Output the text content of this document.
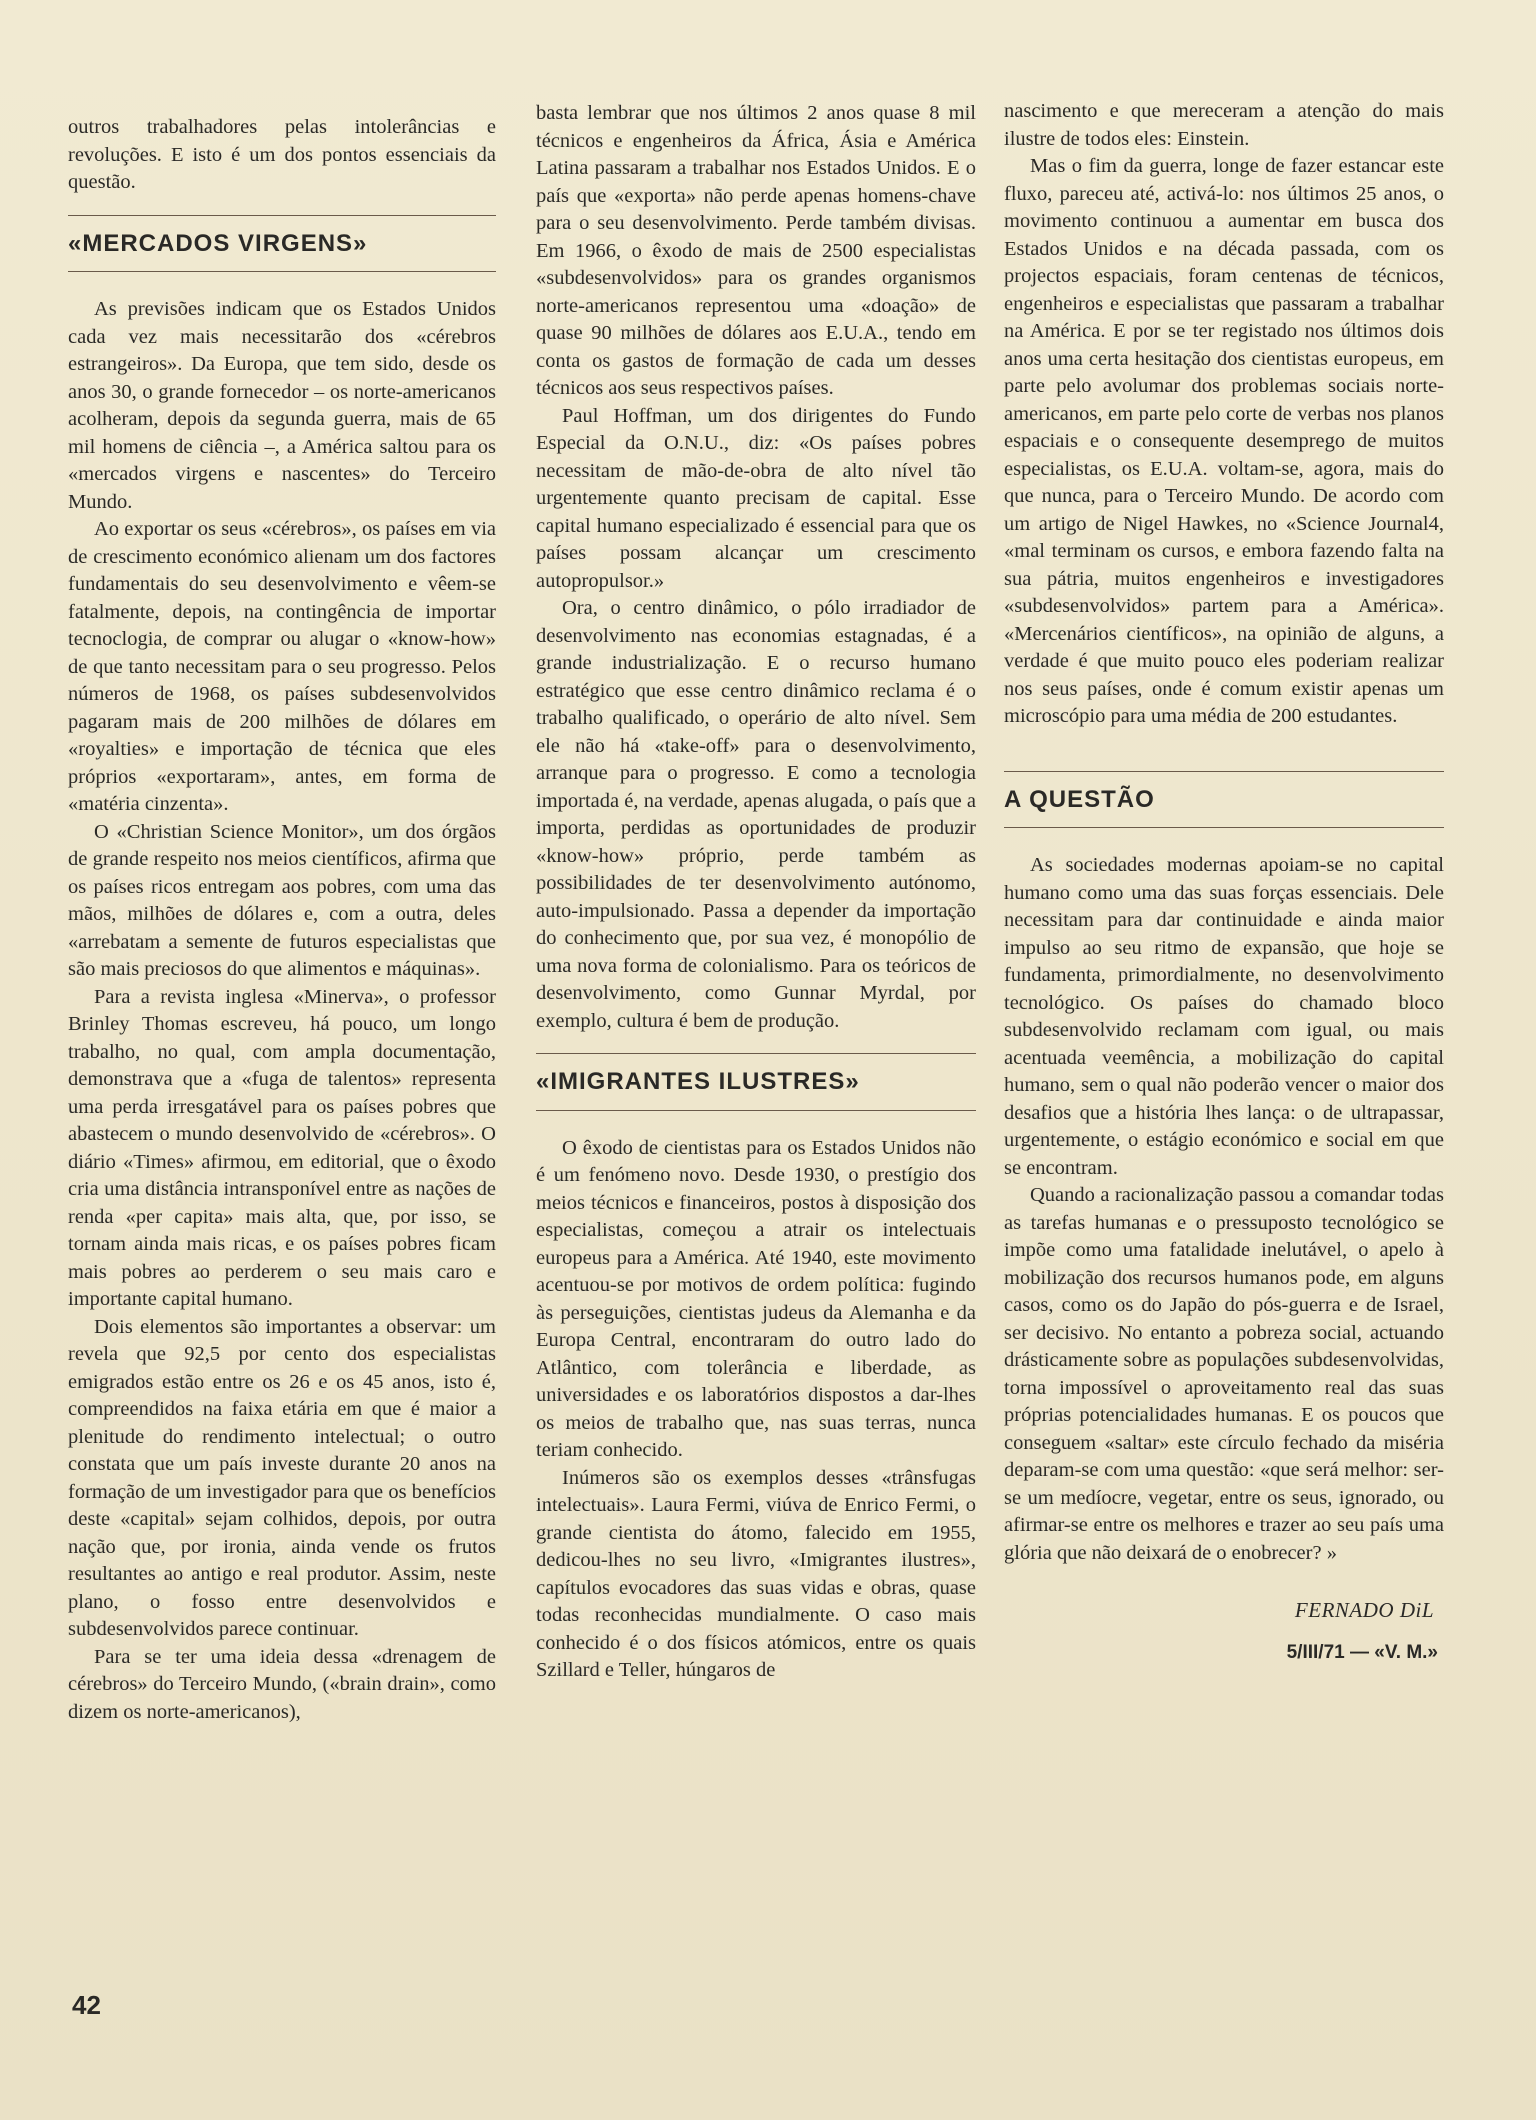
outros trabalhadores pelas intolerâncias e revoluções. E isto é um dos pontos essenciais da questão.

«MERCADOS VIRGENS»

As previsões indicam que os Estados Unidos cada vez mais necessitarão dos «cérebros estrangeiros». Da Europa, que tem sido, desde os anos 30, o grande fornecedor – os norte-americanos acolheram, depois da segunda guerra, mais de 65 mil homens de ciência –, a América saltou para os «mercados virgens e nascentes» do Terceiro Mundo.

Ao exportar os seus «cérebros», os países em via de crescimento económico alienam um dos factores fundamentais do seu desenvolvimento e vêem-se fatalmente, depois, na contingência de importar tecnoclogia, de comprar ou alugar o «know-how» de que tanto necessitam para o seu progresso. Pelos números de 1968, os países subdesenvolvidos pagaram mais de 200 milhões de dólares em «royalties» e importação de técnica que eles próprios «exportaram», antes, em forma de «matéria cinzenta».

O «Christian Science Monitor», um dos órgãos de grande respeito nos meios científicos, afirma que os países ricos entregam aos pobres, com uma das mãos, milhões de dólares e, com a outra, deles «arrebatam a semente de futuros especialistas que são mais preciosos do que alimentos e máquinas».

Para a revista inglesa «Minerva», o professor Brinley Thomas escreveu, há pouco, um longo trabalho, no qual, com ampla documentação, demonstrava que a «fuga de talentos» representa uma perda irresgatável para os países pobres que abastecem o mundo desenvolvido de «cérebros». O diário «Times» afirmou, em editorial, que o êxodo cria uma distância intransponível entre as nações de renda «per capita» mais alta, que, por isso, se tornam ainda mais ricas, e os países pobres ficam mais pobres ao perderem o seu mais caro e importante capital humano.

Dois elementos são importantes a observar: um revela que 92,5 por cento dos especialistas emigrados estão entre os 26 e os 45 anos, isto é, compreendidos na faixa etária em que é maior a plenitude do rendimento intelectual; o outro constata que um país investe durante 20 anos na formação de um investigador para que os benefícios deste «capital» sejam colhidos, depois, por outra nação que, por ironia, ainda vende os frutos resultantes ao antigo e real produtor. Assim, neste plano, o fosso entre desenvolvidos e subdesenvolvidos parece continuar.

Para se ter uma ideia dessa «drenagem de cérebros» do Terceiro Mundo, («brain drain», como dizem os norte-americanos),

basta lembrar que nos últimos 2 anos quase 8 mil técnicos e engenheiros da África, Ásia e América Latina passaram a trabalhar nos Estados Unidos. E o país que «exporta» não perde apenas homens-chave para o seu desenvolvimento. Perde também divisas. Em 1966, o êxodo de mais de 2500 especialistas «subdesenvolvidos» para os grandes organismos norte-americanos representou uma «doação» de quase 90 milhões de dólares aos E.U.A., tendo em conta os gastos de formação de cada um desses técnicos aos seus respectivos países.

Paul Hoffman, um dos dirigentes do Fundo Especial da O.N.U., diz: «Os países pobres necessitam de mão-de-obra de alto nível tão urgentemente quanto precisam de capital. Esse capital humano especializado é essencial para que os países possam alcançar um crescimento autopropulsor.»

Ora, o centro dinâmico, o pólo irradiador de desenvolvimento nas economias estagnadas, é a grande industrialização. E o recurso humano estratégico que esse centro dinâmico reclama é o trabalho qualificado, o operário de alto nível. Sem ele não há «take-off» para o desenvolvimento, arranque para o progresso. E como a tecnologia importada é, na verdade, apenas alugada, o país que a importa, perdidas as oportunidades de produzir «know-how» próprio, perde também as possibilidades de ter desenvolvimento autónomo, auto-impulsionado. Passa a depender da importação do conhecimento que, por sua vez, é monopólio de uma nova forma de colonialismo. Para os teóricos de desenvolvimento, como Gunnar Myrdal, por exemplo, cultura é bem de produção.

«IMIGRANTES ILUSTRES»

O êxodo de cientistas para os Estados Unidos não é um fenómeno novo. Desde 1930, o prestígio dos meios técnicos e financeiros, postos à disposição dos especialistas, começou a atrair os intelectuais europeus para a América. Até 1940, este movimento acentuou-se por motivos de ordem política: fugindo às perseguições, cientistas judeus da Alemanha e da Europa Central, encontraram do outro lado do Atlântico, com tolerância e liberdade, as universidades e os laboratórios dispostos a dar-lhes os meios de trabalho que, nas suas terras, nunca teriam conhecido.

Inúmeros são os exemplos desses «trânsfugas intelectuais». Laura Fermi, viúva de Enrico Fermi, o grande cientista do átomo, falecido em 1955, dedicou-lhes no seu livro, «Imigrantes ilustres», capítulos evocadores das suas vidas e obras, quase todas reconhecidas mundialmente. O caso mais conhecido é o dos físicos atómicos, entre os quais Szillard e Teller, húngaros de

nascimento e que mereceram a atenção do mais ilustre de todos eles: Einstein.

Mas o fim da guerra, longe de fazer estancar este fluxo, pareceu até, activá-lo: nos últimos 25 anos, o movimento continuou a aumentar em busca dos Estados Unidos e na década passada, com os projectos espaciais, foram centenas de técnicos, engenheiros e especialistas que passaram a trabalhar na América. E por se ter registado nos últimos dois anos uma certa hesitação dos cientistas europeus, em parte pelo avolumar dos problemas sociais norte-americanos, em parte pelo corte de verbas nos planos espaciais e o consequente desemprego de muitos especialistas, os E.U.A. voltam-se, agora, mais do que nunca, para o Terceiro Mundo. De acordo com um artigo de Nigel Hawkes, no «Science Journal4, «mal terminam os cursos, e embora fazendo falta na sua pátria, muitos engenheiros e investigadores «subdesenvolvidos» partem para a América». «Mercenários científicos», na opinião de alguns, a verdade é que muito pouco eles poderiam realizar nos seus países, onde é comum existir apenas um microscópio para uma média de 200 estudantes.

A QUESTÃO

As sociedades modernas apoiam-se no capital humano como uma das suas forças essenciais. Dele necessitam para dar continuidade e ainda maior impulso ao seu ritmo de expansão, que hoje se fundamenta, primordialmente, no desenvolvimento tecnológico. Os países do chamado bloco subdesenvolvido reclamam com igual, ou mais acentuada veemência, a mobilização do capital humano, sem o qual não poderão vencer o maior dos desafios que a história lhes lança: o de ultrapassar, urgentemente, o estágio económico e social em que se encontram.

Quando a racionalização passou a comandar todas as tarefas humanas e o pressuposto tecnológico se impõe como uma fatalidade inelutável, o apelo à mobilização dos recursos humanos pode, em alguns casos, como os do Japão do pós-guerra e de Israel, ser decisivo. No entanto a pobreza social, actuando drásticamente sobre as populações subdesenvolvidas, torna impossível o aproveitamento real das suas próprias potencialidades humanas. E os poucos que conseguem «saltar» este círculo fechado da miséria deparam-se com uma questão: «que será melhor: ser-se um medíocre, vegetar, entre os seus, ignorado, ou afirmar-se entre os melhores e trazer ao seu país uma glória que não deixará de o enobrecer? »

FERNADO DiL
5/III/71 — «V. M.»
42
